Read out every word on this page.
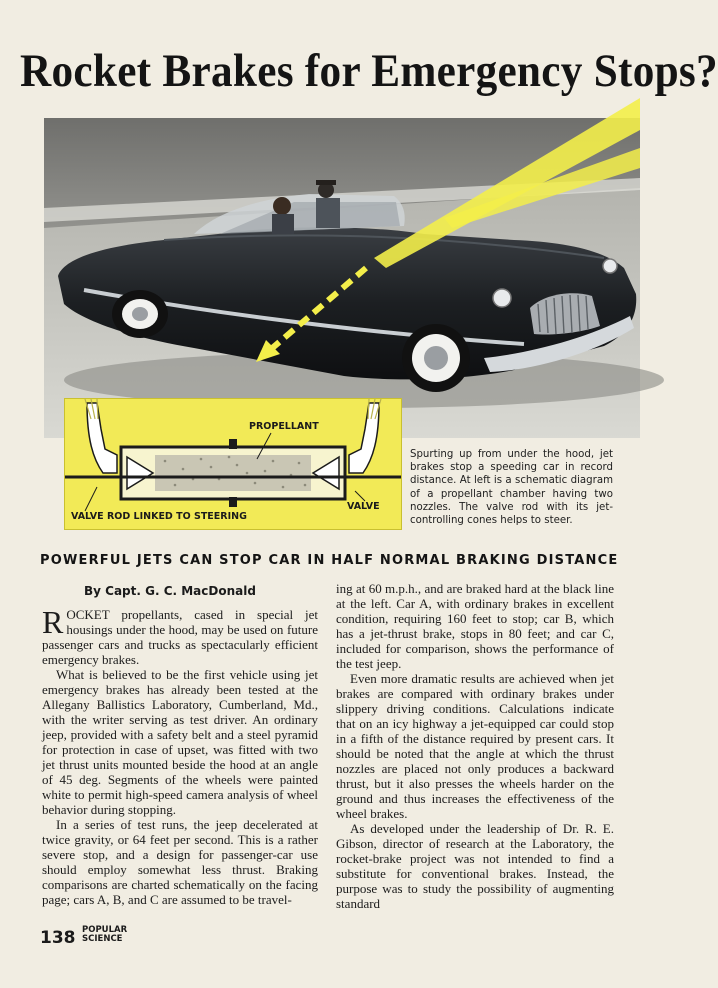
Rocket Brakes for Emergency Stops?
PROPELLANT
VALVE
VALVE ROD LINKED TO STEERING
Spurting up from under the hood, jet brakes stop a speeding car in record distance. At left is a schematic diagram of a propellant chamber having two nozzles. The valve rod with its jet-controlling cones helps to steer.
POWERFUL JETS CAN STOP CAR IN HALF NORMAL BRAKING DISTANCE
By Capt. G. C. MacDonald

ROCKET propellants, cased in special jet housings under the hood, may be used on future passenger cars and trucks as spectacularly efficient emergency brakes.

What is believed to be the first vehicle using jet emergency brakes has already been tested at the Allegany Ballistics Laboratory, Cumberland, Md., with the writer serving as test driver. An ordinary jeep, provided with a safety belt and a steel pyramid for protection in case of upset, was fitted with two jet thrust units mounted beside the hood at an angle of 45 deg. Segments of the wheels were painted white to permit high-speed camera analysis of wheel behavior during stopping.

In a series of test runs, the jeep decelerated at twice gravity, or 64 feet per second. This is a rather severe stop, and a design for passenger-car use should employ somewhat less thrust. Braking comparisons are charted schematically on the facing page; cars A, B, and C are assumed to be travel-

ing at 60 m.p.h., and are braked hard at the black line at the left. Car A, with ordinary brakes in excellent condition, requiring 160 feet to stop; car B, which has a jet-thrust brake, stops in 80 feet; and car C, included for comparison, shows the performance of the test jeep.

Even more dramatic results are achieved when jet brakes are compared with ordinary brakes under slippery driving conditions. Calculations indicate that on an icy highway a jet-equipped car could stop in a fifth of the distance required by present cars. It should be noted that the angle at which the thrust nozzles are placed not only produces a backward thrust, but it also presses the wheels harder on the ground and thus increases the effectiveness of the wheel brakes.

As developed under the leadership of Dr. R. E. Gibson, director of research at the Laboratory, the rocket-brake project was not intended to find a substitute for conventional brakes. Instead, the purpose was to study the possibility of augmenting standard

138 POPULAR
SCIENCE
